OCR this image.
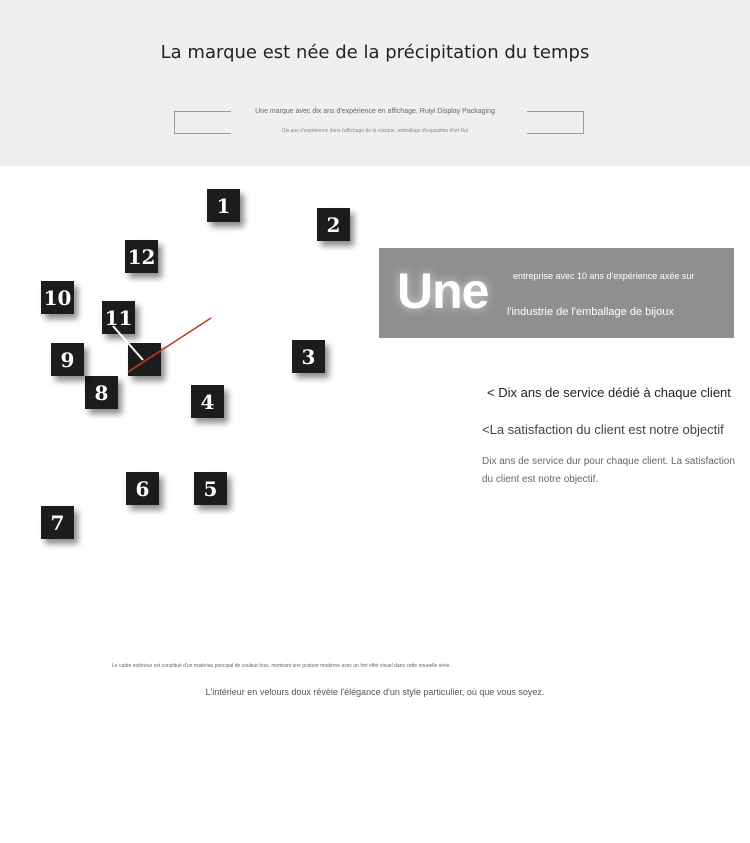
La marque est née de la précipitation du temps
Une marque avec dix ans d'expérience en affichage, Ruiyi Display Packaging
Dix ans d'expérience dans l'affichage de la marque, emballage d'exposition d'art Rui
1
2
3
4
5
6
7
8
9
10
11
12
Une	entreprise avec 10 ans d'expérience axée sur
l'industrie de l'emballage de bijoux
< Dix ans de service dédié à chaque client
<La satisfaction du client est notre objectif
Dix ans de service dur pour chaque client. La satisfaction du client est notre objectif.
Le cadre extérieur est constitué d'un matériau principal de couleur bois, montrant une posture moderne avec un fort effet visuel dans cette nouvelle série.
L'intérieur en velours doux révèle l'élégance d'un style particulier, où que vous soyez.
